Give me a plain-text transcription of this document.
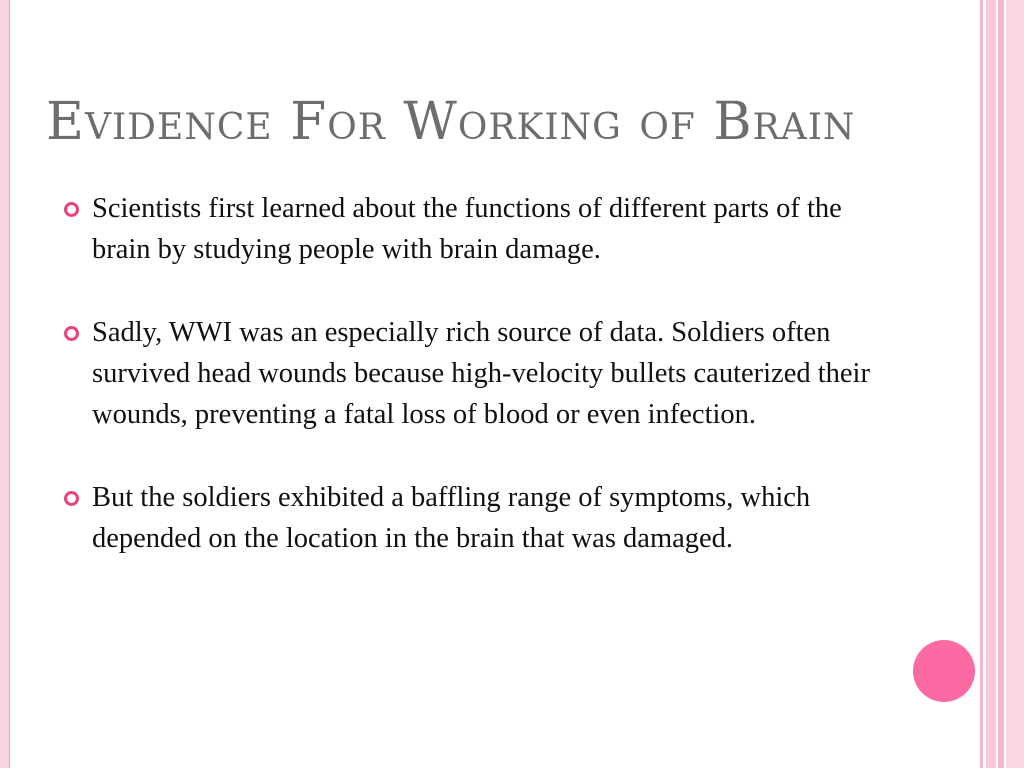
Evidence For Working of Brain
Scientists first learned about the functions of different parts of the brain by studying people with brain damage.
Sadly, WWI was an especially rich source of data. Soldiers often survived head wounds because high-velocity bullets cauterized their wounds, preventing a fatal loss of blood or even infection.
But the soldiers exhibited a baffling range of symptoms, which depended on the location in the brain that was damaged.
